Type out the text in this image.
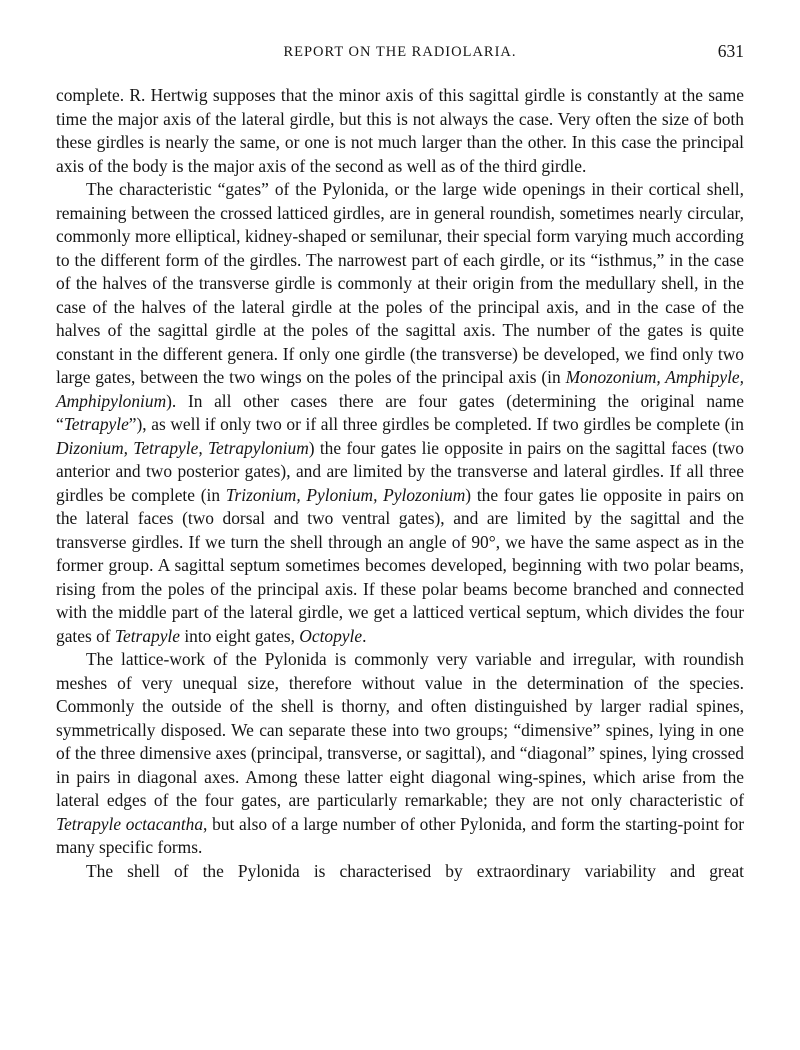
REPORT ON THE RADIOLARIA.	631

complete. R. Hertwig supposes that the minor axis of this sagittal girdle is constantly at the same time the major axis of the lateral girdle, but this is not always the case. Very often the size of both these girdles is nearly the same, or one is not much larger than the other. In this case the principal axis of the body is the major axis of the second as well as of the third girdle.

The characteristic “gates” of the Pylonida, or the large wide openings in their cortical shell, remaining between the crossed latticed girdles, are in general roundish, sometimes nearly circular, commonly more elliptical, kidney-shaped or semilunar, their special form varying much according to the different form of the girdles. The narrowest part of each girdle, or its “isthmus,” in the case of the halves of the transverse girdle is commonly at their origin from the medullary shell, in the case of the halves of the lateral girdle at the poles of the principal axis, and in the case of the halves of the sagittal girdle at the poles of the sagittal axis. The number of the gates is quite constant in the different genera. If only one girdle (the transverse) be developed, we find only two large gates, between the two wings on the poles of the principal axis (in Monozonium, Amphipyle, Amphipylonium). In all other cases there are four gates (determining the original name “Tetrapyle”), as well if only two or if all three girdles be completed. If two girdles be complete (in Dizonium, Tetrapyle, Tetrapylonium) the four gates lie opposite in pairs on the sagittal faces (two anterior and two posterior gates), and are limited by the transverse and lateral girdles. If all three girdles be complete (in Trizonium, Pylonium, Pylozonium) the four gates lie opposite in pairs on the lateral faces (two dorsal and two ventral gates), and are limited by the sagittal and the transverse girdles. If we turn the shell through an angle of 90°, we have the same aspect as in the former group. A sagittal septum sometimes becomes developed, beginning with two polar beams, rising from the poles of the principal axis. If these polar beams become branched and connected with the middle part of the lateral girdle, we get a latticed vertical septum, which divides the four gates of Tetrapyle into eight gates, Octopyle.

The lattice-work of the Pylonida is commonly very variable and irregular, with roundish meshes of very unequal size, therefore without value in the determination of the species. Commonly the outside of the shell is thorny, and often distinguished by larger radial spines, symmetrically disposed. We can separate these into two groups; “dimensive” spines, lying in one of the three dimensive axes (principal, transverse, or sagittal), and “diagonal” spines, lying crossed in pairs in diagonal axes. Among these latter eight diagonal wing-spines, which arise from the lateral edges of the four gates, are particularly remarkable; they are not only characteristic of Tetrapyle octacantha, but also of a large number of other Pylonida, and form the starting-point for many specific forms.

The shell of the Pylonida is characterised by extraordinary variability and great
